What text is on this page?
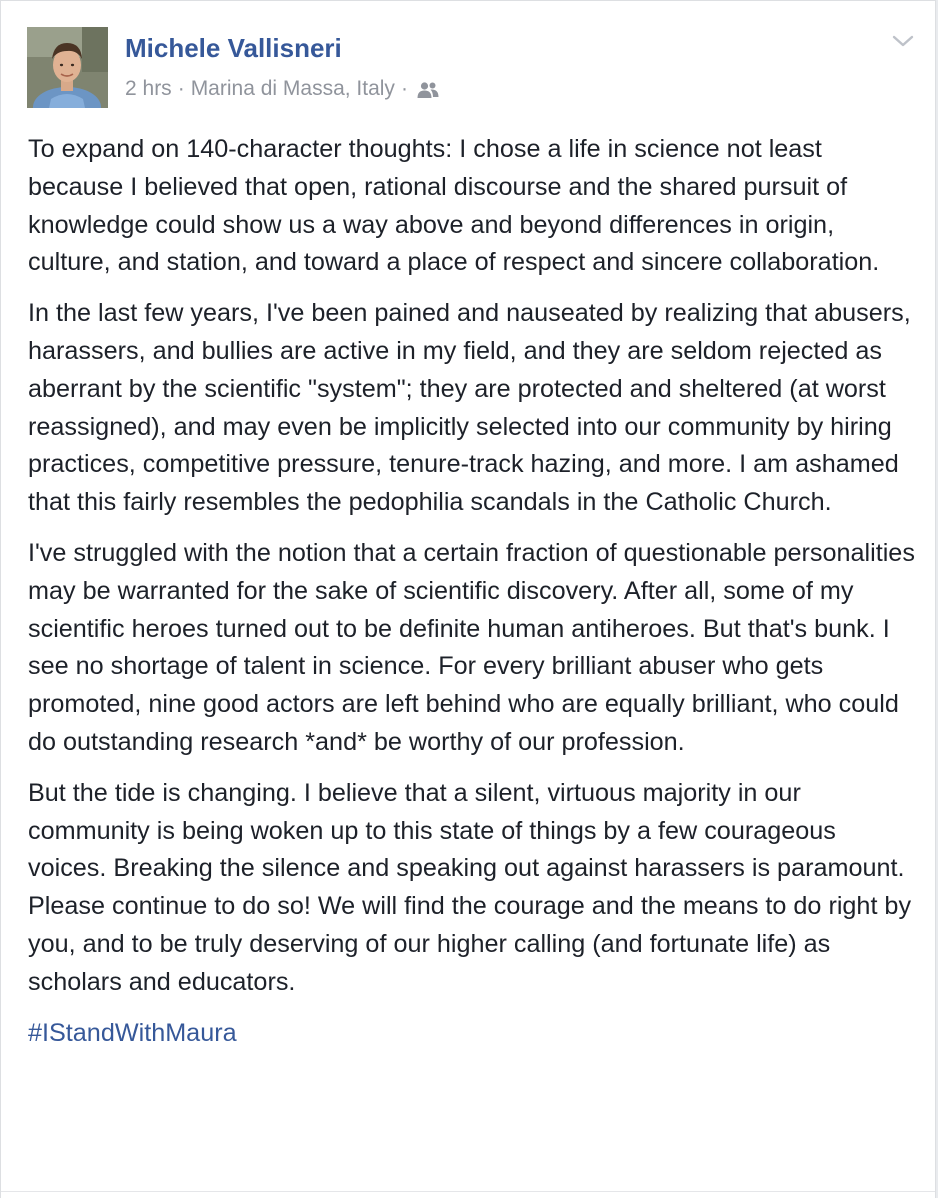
Michele Vallisneri
2 hrs · Marina di Massa, Italy ·

To expand on 140-character thoughts: I chose a life in science not least because I believed that open, rational discourse and the shared pursuit of knowledge could show us a way above and beyond differences in origin, culture, and station, and toward a place of respect and sincere collaboration.

In the last few years, I've been pained and nauseated by realizing that abusers, harassers, and bullies are active in my field, and they are seldom rejected as aberrant by the scientific "system"; they are protected and sheltered (at worst reassigned), and may even be implicitly selected into our community by hiring practices, competitive pressure, tenure-track hazing, and more. I am ashamed that this fairly resembles the pedophilia scandals in the Catholic Church.

I've struggled with the notion that a certain fraction of questionable personalities may be warranted for the sake of scientific discovery. After all, some of my scientific heroes turned out to be definite human antiheroes. But that's bunk. I see no shortage of talent in science. For every brilliant abuser who gets promoted, nine good actors are left behind who are equally brilliant, who could do outstanding research *and* be worthy of our profession.

But the tide is changing. I believe that a silent, virtuous majority in our community is being woken up to this state of things by a few courageous voices. Breaking the silence and speaking out against harassers is paramount. Please continue to do so! We will find the courage and the means to do right by you, and to be truly deserving of our higher calling (and fortunate life) as scholars and educators.

#IStandWithMaura
